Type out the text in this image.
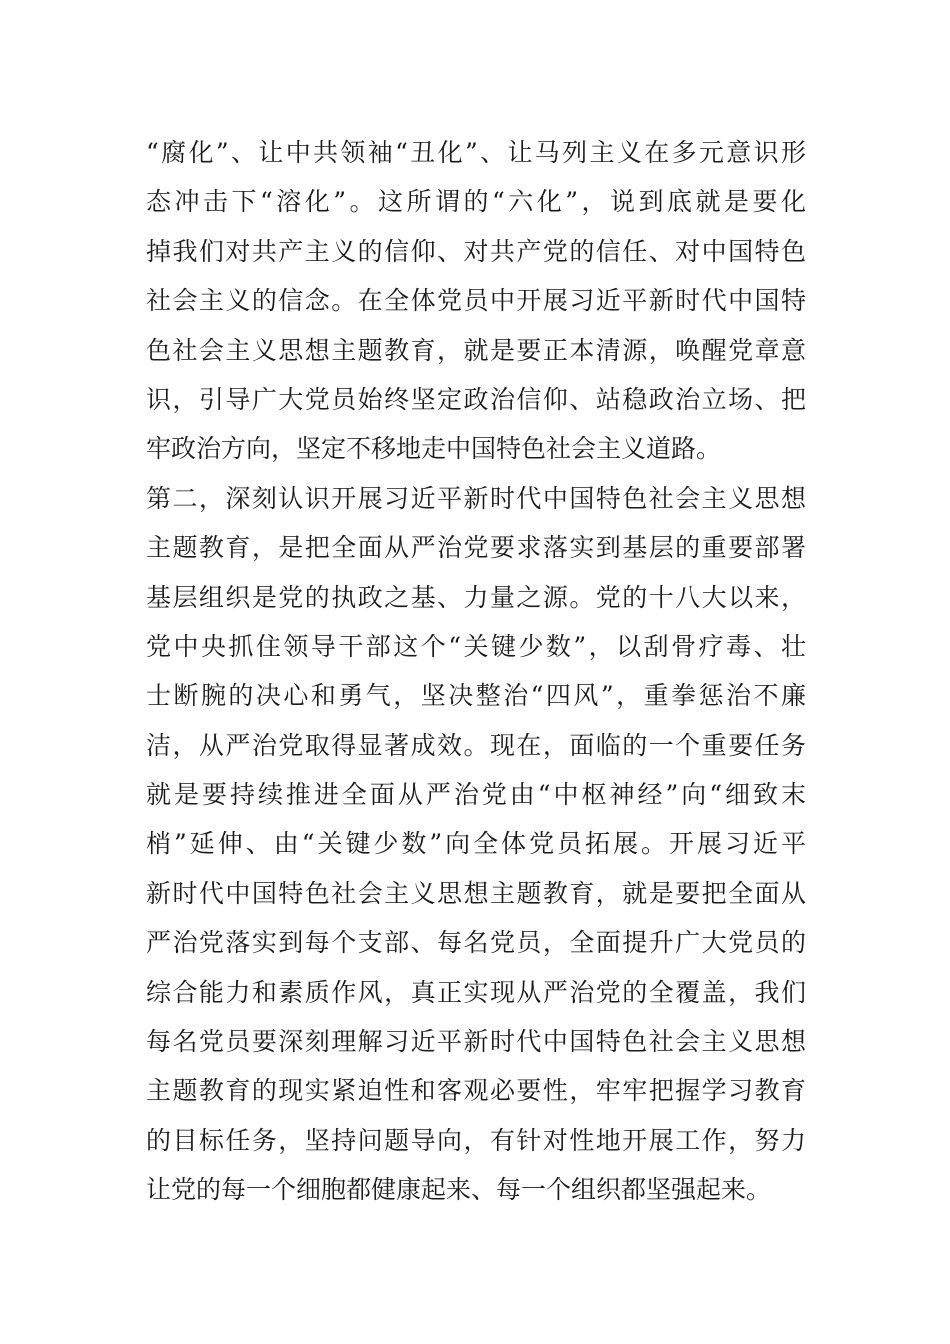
“腐化”、让中共领袖“丑化”、让马列主义在多元意识形
态冲击下“溶化”。这所谓的“六化”，说到底就是要化
掉我们对共产主义的信仰、对共产党的信任、对中国特色
社会主义的信念。在全体党员中开展习近平新时代中国特
色社会主义思想主题教育，就是要正本清源，唤醒党章意
识，引导广大党员始终坚定政治信仰、站稳政治立场、把
牢政治方向，坚定不移地走中国特色社会主义道路。
第二，深刻认识开展习近平新时代中国特色社会主义思想
主题教育，是把全面从严治党要求落实到基层的重要部署
基层组织是党的执政之基、力量之源。党的十八大以来，
党中央抓住领导干部这个“关键少数”，以刮骨疗毒、壮
士断腕的决心和勇气，坚决整治“四风”，重拳惩治不廉
洁，从严治党取得显著成效。现在，面临的一个重要任务
就是要持续推进全面从严治党由“中枢神经”向“细致末
梢”延伸、由“关键少数”向全体党员拓展。开展习近平
新时代中国特色社会主义思想主题教育，就是要把全面从
严治党落实到每个支部、每名党员，全面提升广大党员的
综合能力和素质作风，真正实现从严治党的全覆盖，我们
每名党员要深刻理解习近平新时代中国特色社会主义思想
主题教育的现实紧迫性和客观必要性，牢牢把握学习教育
的目标任务，坚持问题导向，有针对性地开展工作，努力
让党的每一个细胞都健康起来、每一个组织都坚强起来。
